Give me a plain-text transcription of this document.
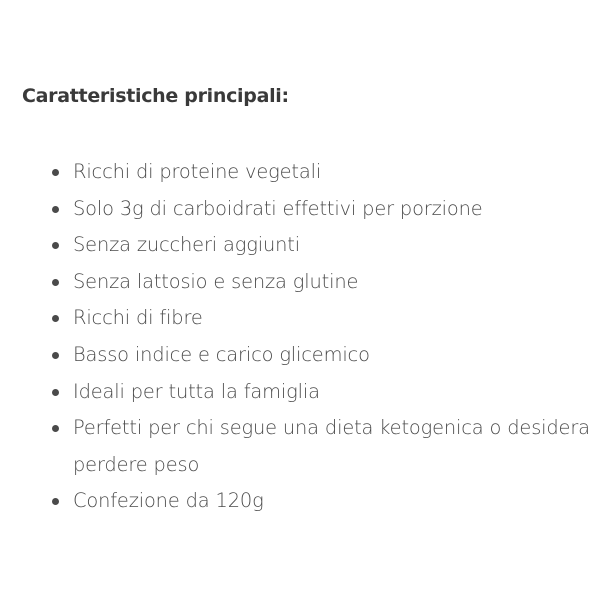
Caratteristiche principali:
Ricchi di proteine vegetali
Solo 3g di carboidrati effettivi per porzione
Senza zuccheri aggiunti
Senza lattosio e senza glutine
Ricchi di fibre
Basso indice e carico glicemico
Ideali per tutta la famiglia
Perfetti per chi segue una dieta ketogenica o desidera perdere peso
Confezione da 120g
